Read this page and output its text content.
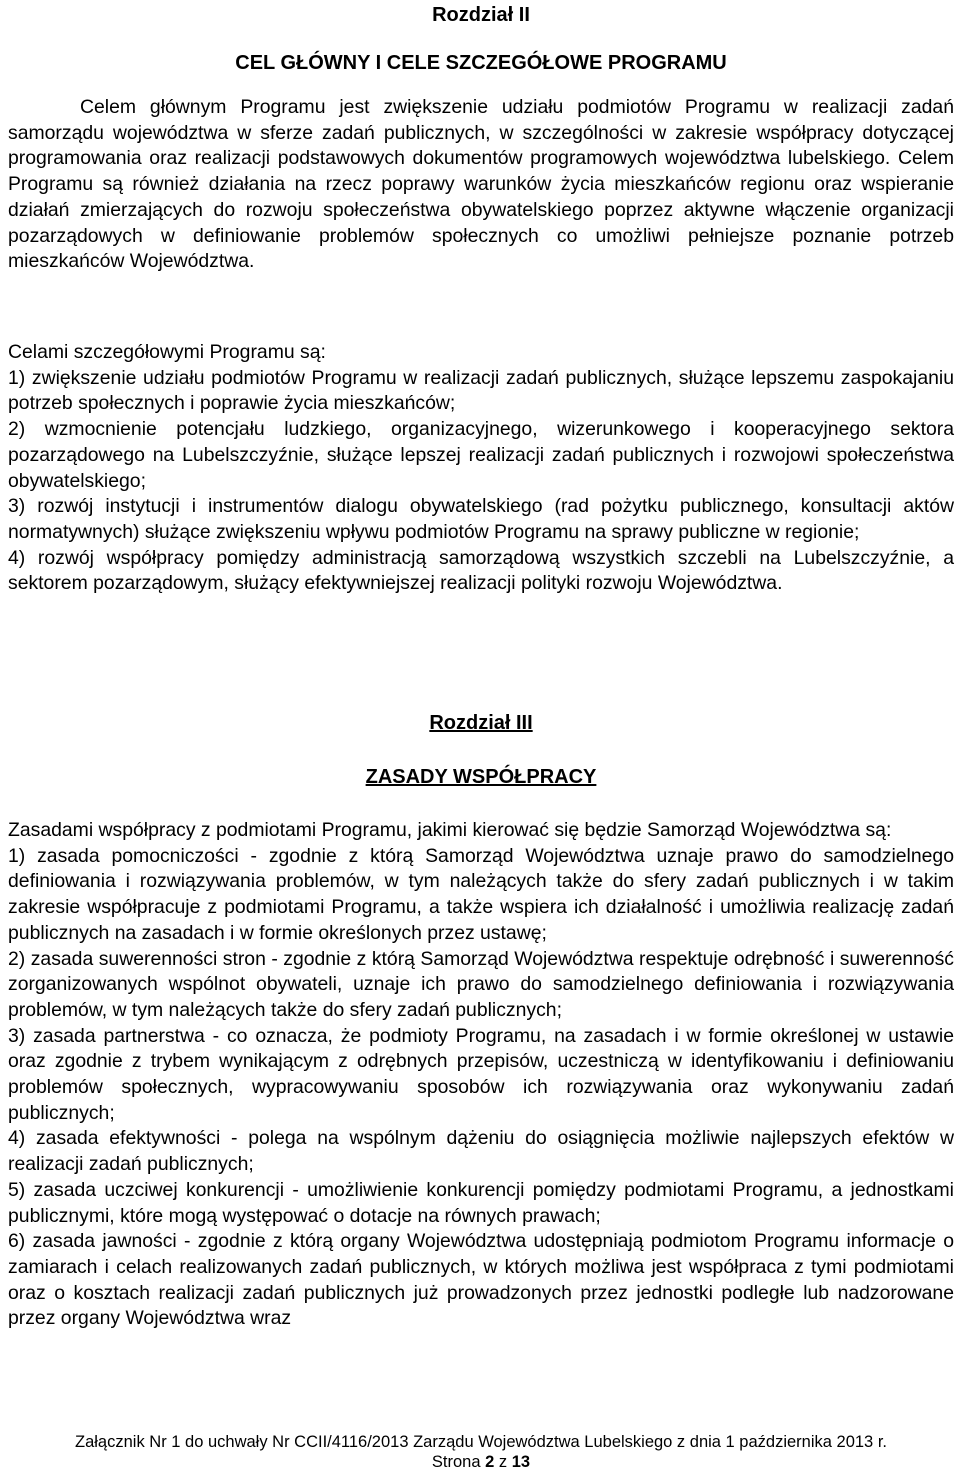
Rozdział II
CEL GŁÓWNY I CELE SZCZEGÓŁOWE PROGRAMU

Celem głównym Programu jest zwiększenie udziału podmiotów Programu w realizacji zadań samorządu województwa w sferze zadań publicznych, w szczególności w zakresie współpracy dotyczącej programowania oraz realizacji podstawowych dokumentów programowych województwa lubelskiego. Celem Programu są również działania na rzecz poprawy warunków życia mieszkańców regionu oraz wspieranie działań zmierzających do rozwoju społeczeństwa obywatelskiego poprzez aktywne włączenie organizacji pozarządowych w definiowanie problemów społecznych co umożliwi pełniejsze poznanie potrzeb mieszkańców Województwa.

Celami szczegółowymi Programu są:

1) zwiększenie udziału podmiotów Programu w realizacji zadań publicznych, służące lepszemu zaspokajaniu potrzeb społecznych i poprawie życia mieszkańców;

2) wzmocnienie potencjału ludzkiego, organizacyjnego, wizerunkowego i kooperacyjnego sektora pozarządowego na Lubelszczyźnie, służące lepszej realizacji zadań publicznych i rozwojowi społeczeństwa obywatelskiego;

3) rozwój instytucji i instrumentów dialogu obywatelskiego (rad pożytku publicznego, konsultacji aktów normatywnych) służące zwiększeniu wpływu podmiotów Programu na sprawy publiczne w regionie;

4) rozwój współpracy pomiędzy administracją samorządową wszystkich szczebli na Lubelszczyźnie, a sektorem pozarządowym, służący efektywniejszej realizacji polityki rozwoju Województwa.

Rozdział III
ZASADY WSPÓŁPRACY

Zasadami współpracy z podmiotami Programu, jakimi kierować się będzie Samorząd Województwa są:

1) zasada pomocniczości - zgodnie z którą Samorząd Województwa uznaje prawo do samodzielnego definiowania i rozwiązywania problemów, w tym należących także do sfery zadań publicznych i w takim zakresie współpracuje z podmiotami Programu, a także wspiera ich działalność i umożliwia realizację zadań publicznych na zasadach i w formie określonych przez ustawę;

2) zasada suwerenności stron - zgodnie z którą Samorząd Województwa respektuje odrębność i suwerenność zorganizowanych wspólnot obywateli, uznaje ich prawo do samodzielnego definiowania i rozwiązywania problemów, w tym należących także do sfery zadań publicznych;

3) zasada partnerstwa - co oznacza, że podmioty Programu, na zasadach i w formie określonej w ustawie oraz zgodnie z trybem wynikającym z odrębnych przepisów, uczestniczą w identyfikowaniu i definiowaniu problemów społecznych, wypracowywaniu sposobów ich rozwiązywania oraz wykonywaniu zadań publicznych;

4) zasada efektywności - polega na wspólnym dążeniu do osiągnięcia możliwie najlepszych efektów w realizacji zadań publicznych;

5) zasada uczciwej konkurencji - umożliwienie konkurencji pomiędzy podmiotami Programu, a jednostkami publicznymi, które mogą występować o dotacje na równych prawach;

6) zasada jawności - zgodnie z którą organy Województwa udostępniają podmiotom Programu informacje o zamiarach i celach realizowanych zadań publicznych, w których możliwa jest współpraca z tymi podmiotami oraz o kosztach realizacji zadań publicznych już prowadzonych przez jednostki podległe lub nadzorowane przez organy Województwa wraz

Załącznik Nr 1 do uchwały Nr CCII/4116/2013 Zarządu Województwa Lubelskiego z dnia 1 października 2013 r.
Strona 2 z 13
